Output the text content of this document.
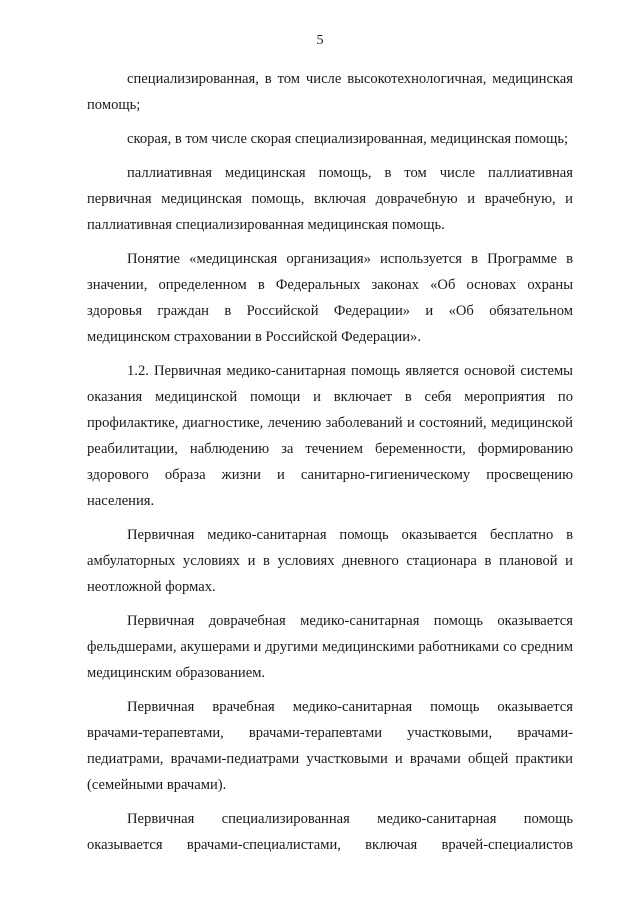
5

специализированная, в том числе высокотехнологичная, медицинская помощь;

скорая, в том числе скорая специализированная, медицинская помощь;

паллиативная медицинская помощь, в том числе паллиативная первичная медицинская помощь, включая доврачебную и врачебную, и паллиативная специализированная медицинская помощь.

Понятие «медицинская организация» используется в Программе в значении, определенном в Федеральных законах «Об основах охраны здоровья граждан в Российской Федерации» и «Об обязательном медицинском страховании в Российской Федерации».

1.2. Первичная медико-санитарная помощь является основой системы оказания медицинской помощи и включает в себя мероприятия по профилактике, диагностике, лечению заболеваний и состояний, медицинской реабилитации, наблюдению за течением беременности, формированию здорового образа жизни и санитарно-гигиеническому просвещению населения.

Первичная медико-санитарная помощь оказывается бесплатно в амбулаторных условиях и в условиях дневного стационара в плановой и неотложной формах.

Первичная доврачебная медико-санитарная помощь оказывается фельдшерами, акушерами и другими медицинскими работниками со средним медицинским образованием.

Первичная врачебная медико-санитарная помощь оказывается врачами-терапевтами, врачами-терапевтами участковыми, врачами-педиатрами, врачами-педиатрами участковыми и врачами общей практики (семейными врачами).

Первичная специализированная медико-санитарная помощь оказывается врачами-специалистами, включая врачей-специалистов
